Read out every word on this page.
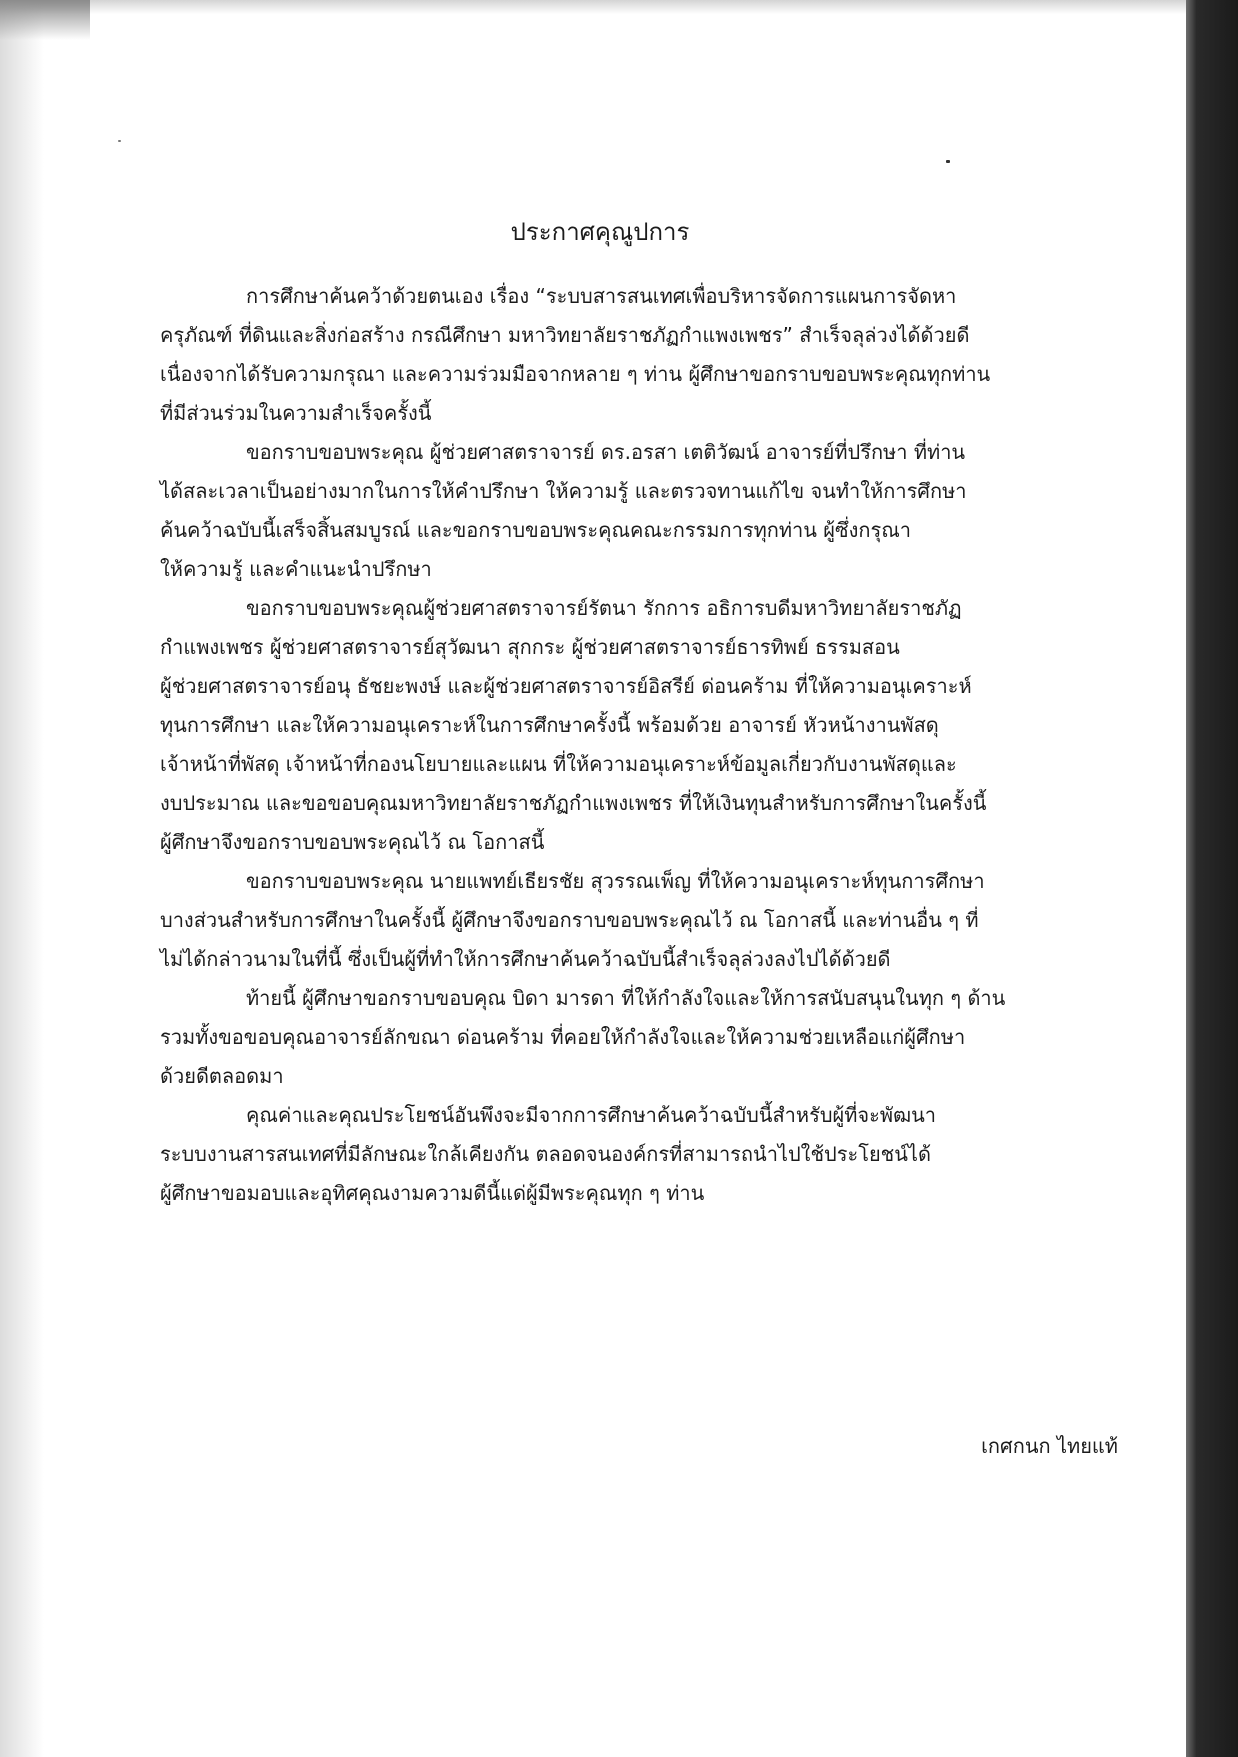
ประกาศคุณูปการ
การศึกษาค้นคว้าด้วยตนเอง เรื่อง “ระบบสารสนเทศเพื่อบริหารจัดการแผนการจัดหา
ครุภัณฑ์ ที่ดินและสิ่งก่อสร้าง กรณีศึกษา มหาวิทยาลัยราชภัฏกำแพงเพชร” สำเร็จลุล่วงได้ด้วยดี
เนื่องจากได้รับความกรุณา และความร่วมมือจากหลาย ๆ ท่าน ผู้ศึกษาขอกราบขอบพระคุณทุกท่าน
ที่มีส่วนร่วมในความสำเร็จครั้งนี้
ขอกราบขอบพระคุณ ผู้ช่วยศาสตราจารย์ ดร.อรสา เตติวัฒน์ อาจารย์ที่ปรึกษา ที่ท่าน
ได้สละเวลาเป็นอย่างมากในการให้คำปรึกษา ให้ความรู้ และตรวจทานแก้ไข จนทำให้การศึกษา
ค้นคว้าฉบับนี้เสร็จสิ้นสมบูรณ์ และขอกราบขอบพระคุณคณะกรรมการทุกท่าน ผู้ซึ่งกรุณา
ให้ความรู้ และคำแนะนำปรึกษา
ขอกราบขอบพระคุณผู้ช่วยศาสตราจารย์รัตนา รักการ อธิการบดีมหาวิทยาลัยราชภัฏ
กำแพงเพชร ผู้ช่วยศาสตราจารย์สุวัฒนา สุกกระ ผู้ช่วยศาสตราจารย์ธารทิพย์ ธรรมสอน
ผู้ช่วยศาสตราจารย์อนุ ธัชยะพงษ์ และผู้ช่วยศาสตราจารย์อิสรีย์ ด่อนคร้าม ที่ให้ความอนุเคราะห์
ทุนการศึกษา และให้ความอนุเคราะห์ในการศึกษาครั้งนี้ พร้อมด้วย อาจารย์ หัวหน้างานพัสดุ
เจ้าหน้าที่พัสดุ เจ้าหน้าที่กองนโยบายและแผน ที่ให้ความอนุเคราะห์ข้อมูลเกี่ยวกับงานพัสดุและ
งบประมาณ และขอขอบคุณมหาวิทยาลัยราชภัฏกำแพงเพชร ที่ให้เงินทุนสำหรับการศึกษาในครั้งนี้
ผู้ศึกษาจึงขอกราบขอบพระคุณไว้ ณ โอกาสนี้
ขอกราบขอบพระคุณ นายแพทย์เธียรชัย สุวรรณเพ็ญ ที่ให้ความอนุเคราะห์ทุนการศึกษา
บางส่วนสำหรับการศึกษาในครั้งนี้ ผู้ศึกษาจึงขอกราบขอบพระคุณไว้ ณ โอกาสนี้ และท่านอื่น ๆ ที่
ไม่ได้กล่าวนามในที่นี้ ซึ่งเป็นผู้ที่ทำให้การศึกษาค้นคว้าฉบับนี้สำเร็จลุล่วงลงไปได้ด้วยดี
ท้ายนี้ ผู้ศึกษาขอกราบขอบคุณ บิดา มารดา ที่ให้กำลังใจและให้การสนับสนุนในทุก ๆ ด้าน
รวมทั้งขอขอบคุณอาจารย์ลักขณา ด่อนคร้าม ที่คอยให้กำลังใจและให้ความช่วยเหลือแก่ผู้ศึกษา
ด้วยดีตลอดมา
คุณค่าและคุณประโยชน์อันพึงจะมีจากการศึกษาค้นคว้าฉบับนี้สำหรับผู้ที่จะพัฒนา
ระบบงานสารสนเทศที่มีลักษณะใกล้เคียงกัน ตลอดจนองค์กรที่สามารถนำไปใช้ประโยชน์ได้
ผู้ศึกษาขอมอบและอุทิศคุณงามความดีนี้แด่ผู้มีพระคุณทุก ๆ ท่าน
เกศกนก ไทยแท้
